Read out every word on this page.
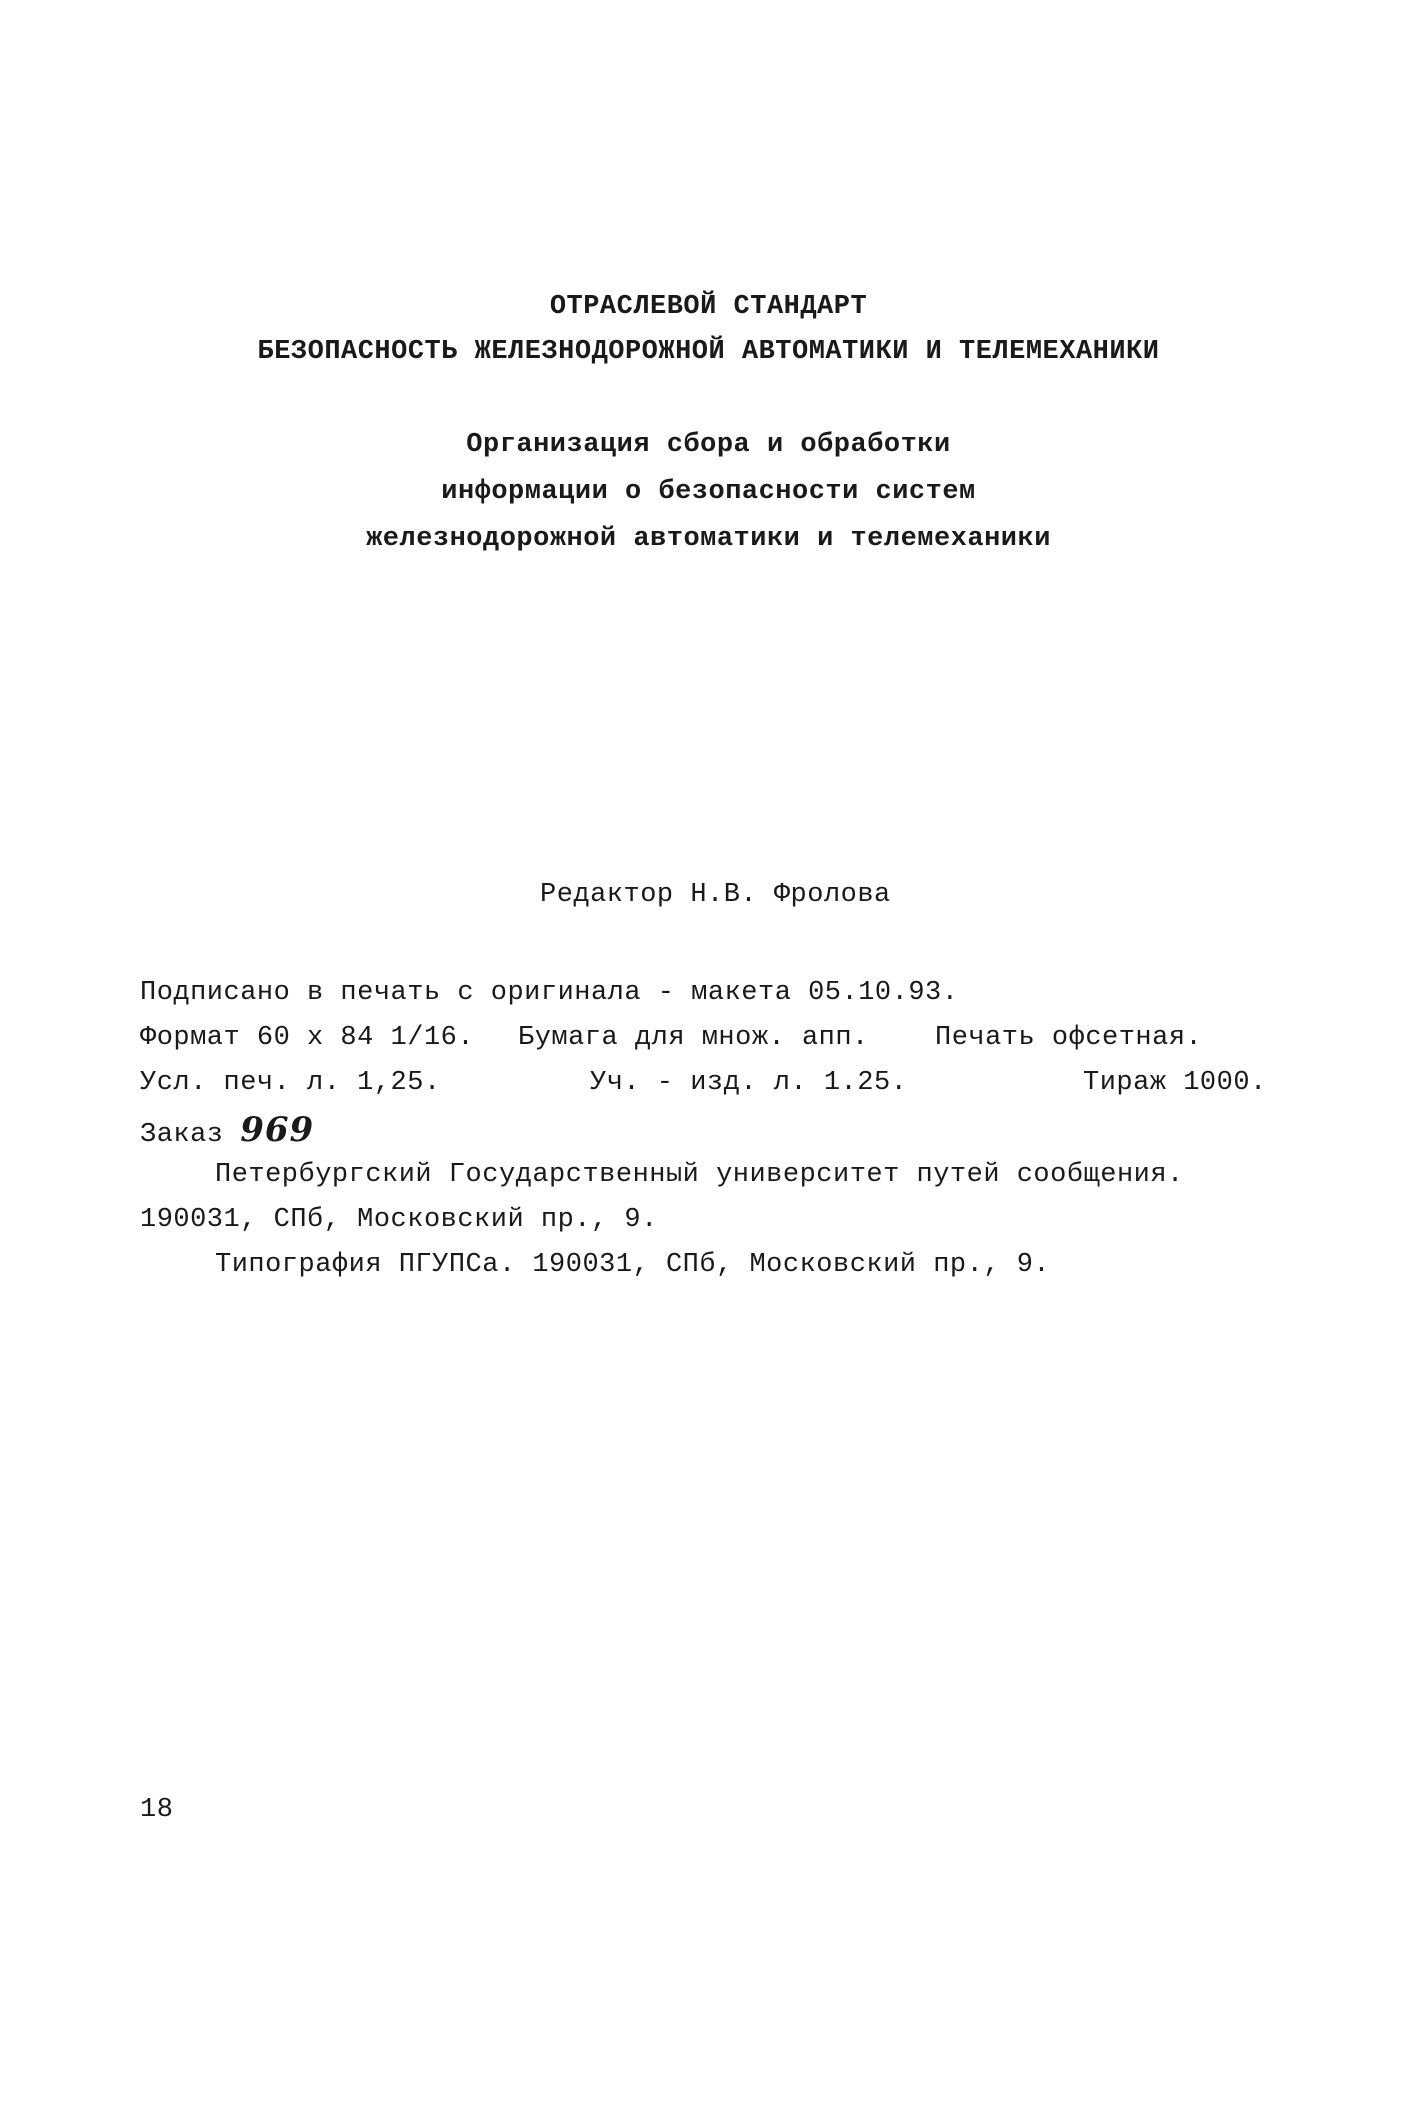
ОТРАСЛЕВОЙ СТАНДАРТ
БЕЗОПАСНОСТЬ ЖЕЛЕЗНОДОРОЖНОЙ АВТОМАТИКИ И ТЕЛЕМЕХАНИКИ
Организация сбора и обработки
информации о безопасности систем
железнодорожной автоматики и телемеханики
Редактор Н.В. Фролова
Подписано в печать с оригинала - макета 05.10.93.
Формат 60 х 84 1/16. Бумага для множ. апп. Печать офсетная.
Усл. печ. л. 1,25.	Уч. - изд. л. 1.25.	Тираж 1000.
Заказ 969
Петербургский Государственный университет путей сообщения.
190031, СПб, Московский пр., 9.
Типография ПГУПСа. 190031, СПб, Московский пр., 9.
18
